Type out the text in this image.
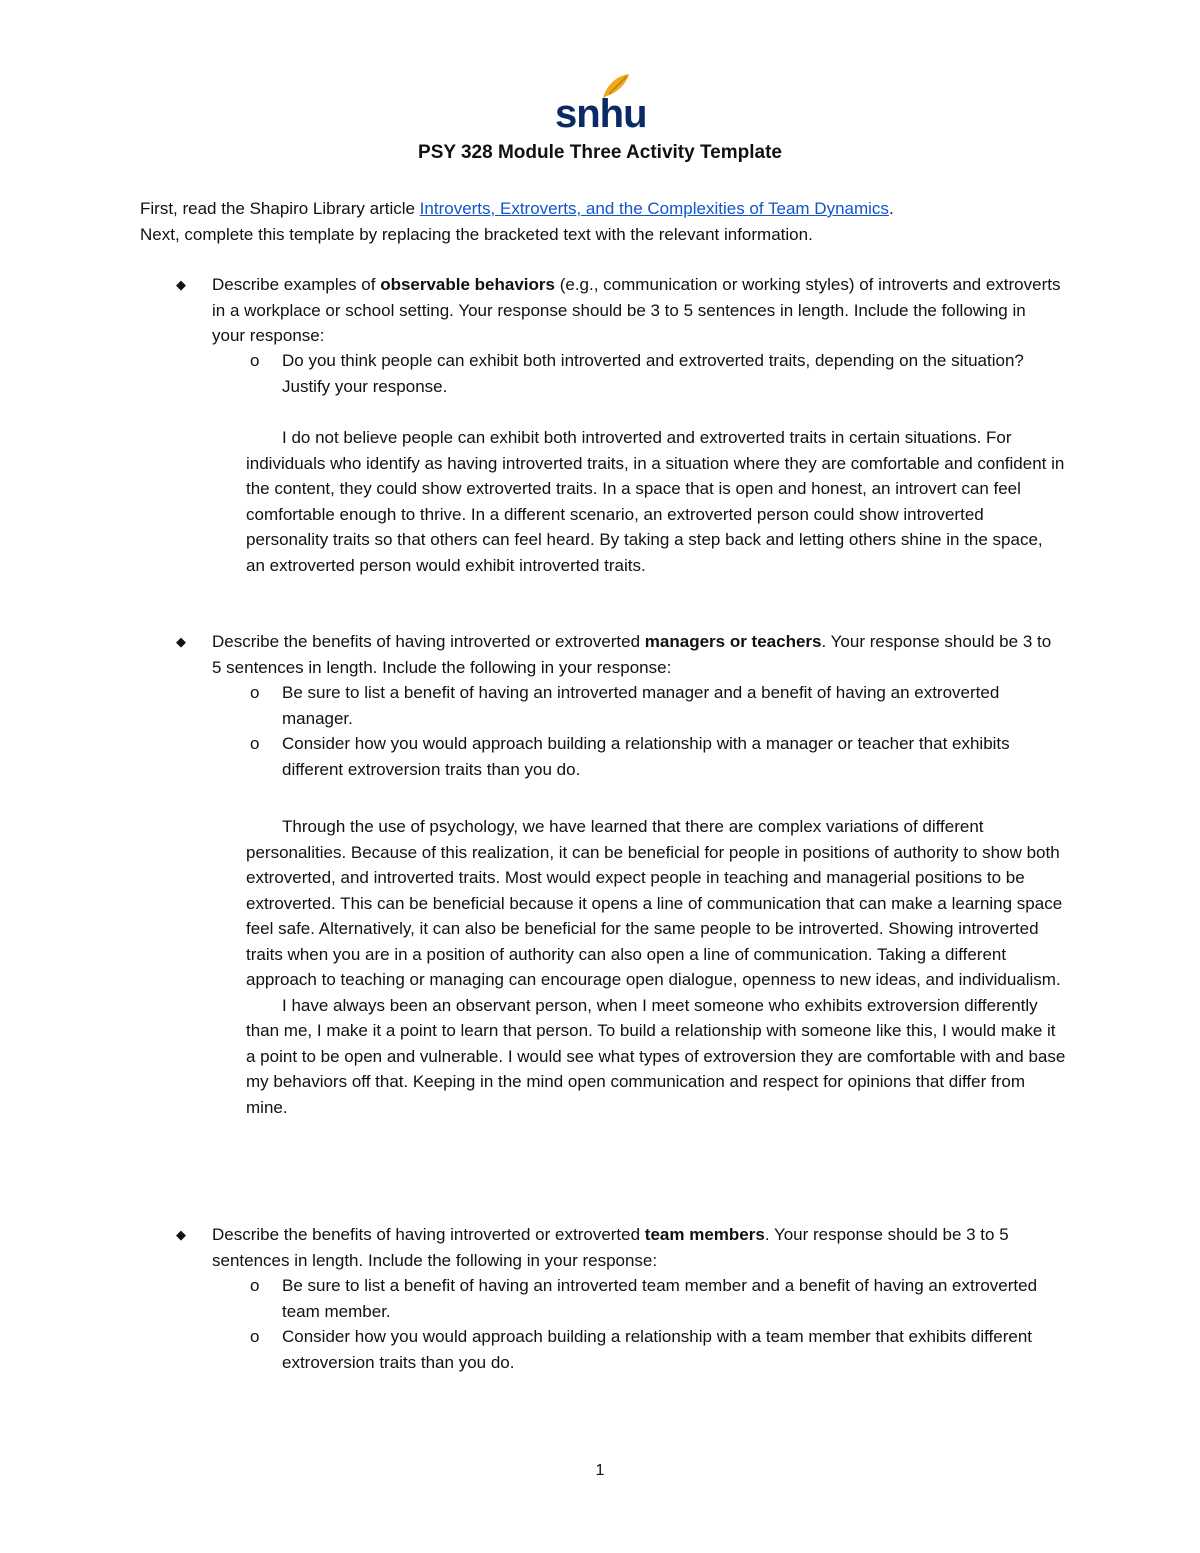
snhu
PSY 328 Module Three Activity Template
First, read the Shapiro Library article Introverts, Extroverts, and the Complexities of Team Dynamics.
Next, complete this template by replacing the bracketed text with the relevant information.
◆ Describe examples of observable behaviors (e.g., communication or working styles) of introverts and extroverts in a workplace or school setting. Your response should be 3 to 5 sentences in length. Include the following in your response:
o Do you think people can exhibit both introverted and extroverted traits, depending on the situation? Justify your response.

I do not believe people can exhibit both introverted and extroverted traits in certain situations. For individuals who identify as having introverted traits, in a situation where they are comfortable and confident in the content, they could show extroverted traits. In a space that is open and honest, an introvert can feel comfortable enough to thrive. In a different scenario, an extroverted person could show introverted personality traits so that others can feel heard. By taking a step back and letting others shine in the space, an extroverted person would exhibit introverted traits.

◆ Describe the benefits of having introverted or extroverted managers or teachers. Your response should be 3 to 5 sentences in length. Include the following in your response:
o Be sure to list a benefit of having an introverted manager and a benefit of having an extroverted manager.
o Consider how you would approach building a relationship with a manager or teacher that exhibits different extroversion traits than you do.

Through the use of psychology, we have learned that there are complex variations of different personalities. Because of this realization, it can be beneficial for people in positions of authority to show both extroverted, and introverted traits. Most would expect people in teaching and managerial positions to be extroverted. This can be beneficial because it opens a line of communication that can make a learning space feel safe. Alternatively, it can also be beneficial for the same people to be introverted. Showing introverted traits when you are in a position of authority can also open a line of communication. Taking a different approach to teaching or managing can encourage open dialogue, openness to new ideas, and individualism.

I have always been an observant person, when I meet someone who exhibits extroversion differently than me, I make it a point to learn that person. To build a relationship with someone like this, I would make it a point to be open and vulnerable. I would see what types of extroversion they are comfortable with and base my behaviors off that. Keeping in the mind open communication and respect for opinions that differ from mine.

◆ Describe the benefits of having introverted or extroverted team members. Your response should be 3 to 5 sentences in length. Include the following in your response:
o Be sure to list a benefit of having an introverted team member and a benefit of having an extroverted team member.
o Consider how you would approach building a relationship with a team member that exhibits different extroversion traits than you do.
1
